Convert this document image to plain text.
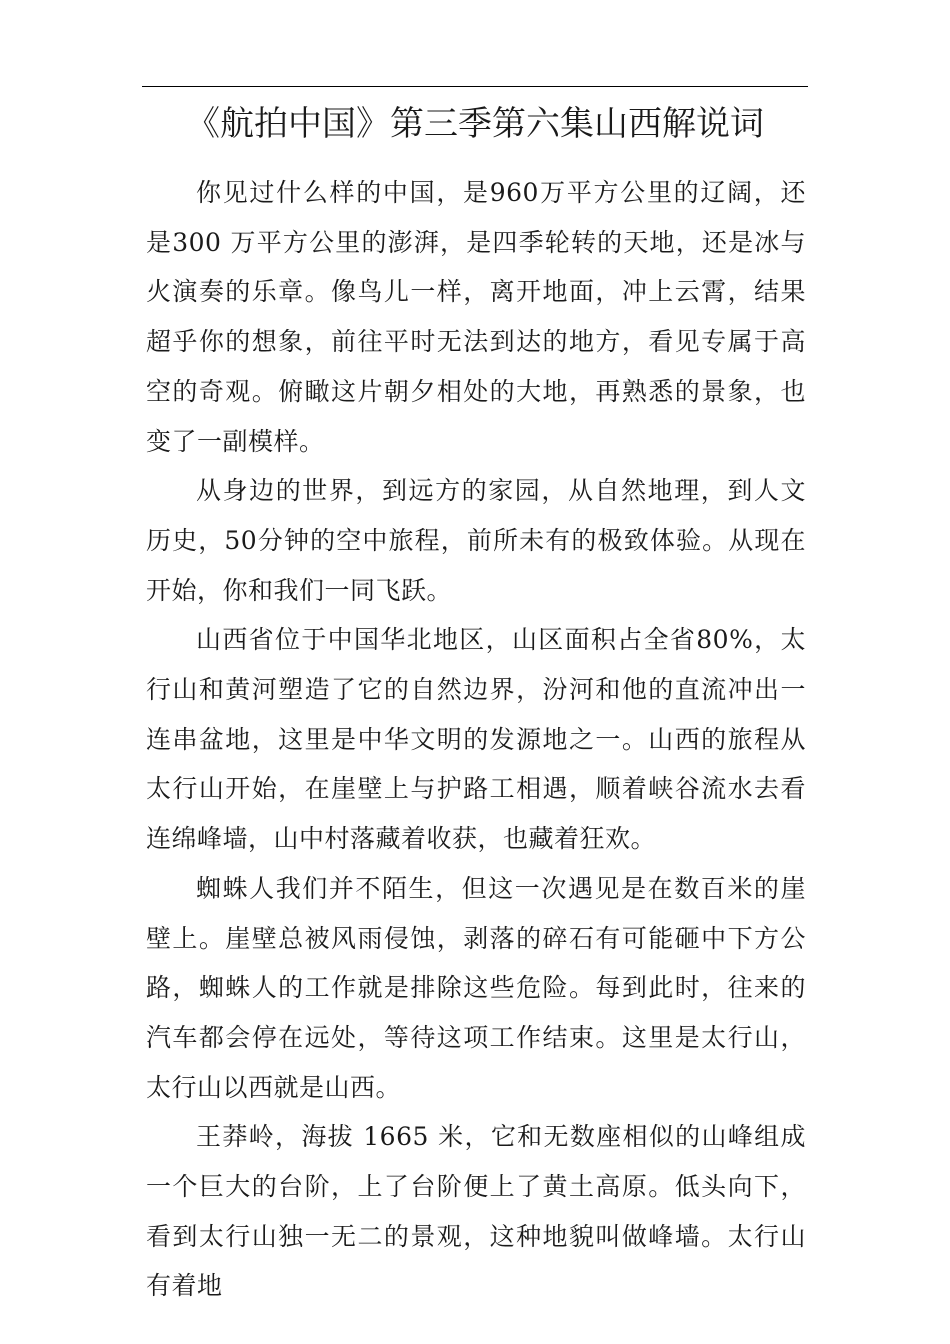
《航拍中国》第三季第六集山西解说词

你见过什么样的中国，是960万平方公里的辽阔，还是300 万平方公里的澎湃，是四季轮转的天地，还是冰与火演奏的乐章。像鸟儿一样，离开地面，冲上云霄，结果超乎你的想象，前往平时无法到达的地方，看见专属于高空的奇观。俯瞰这片朝夕相处的大地，再熟悉的景象，也变了一副模样。

从身边的世界，到远方的家园，从自然地理，到人文历史，50分钟的空中旅程，前所未有的极致体验。从现在开始，你和我们一同飞跃。

山西省位于中国华北地区，山区面积占全省80%，太行山和黄河塑造了它的自然边界，汾河和他的直流冲出一连串盆地，这里是中华文明的发源地之一。山西的旅程从太行山开始，在崖壁上与护路工相遇，顺着峡谷流水去看连绵峰墙，山中村落藏着收获，也藏着狂欢。

蜘蛛人我们并不陌生，但这一次遇见是在数百米的崖壁上。崖壁总被风雨侵蚀，剥落的碎石有可能砸中下方公路，蜘蛛人的工作就是排除这些危险。每到此时，往来的汽车都会停在远处，等待这项工作结束。这里是太行山，太行山以西就是山西。

王莽岭，海拔 1665 米，它和无数座相似的山峰组成一个巨大的台阶，上了台阶便上了黄土高原。低头向下，看到太行山独一无二的景观，这种地貌叫做峰墙。太行山有着地
